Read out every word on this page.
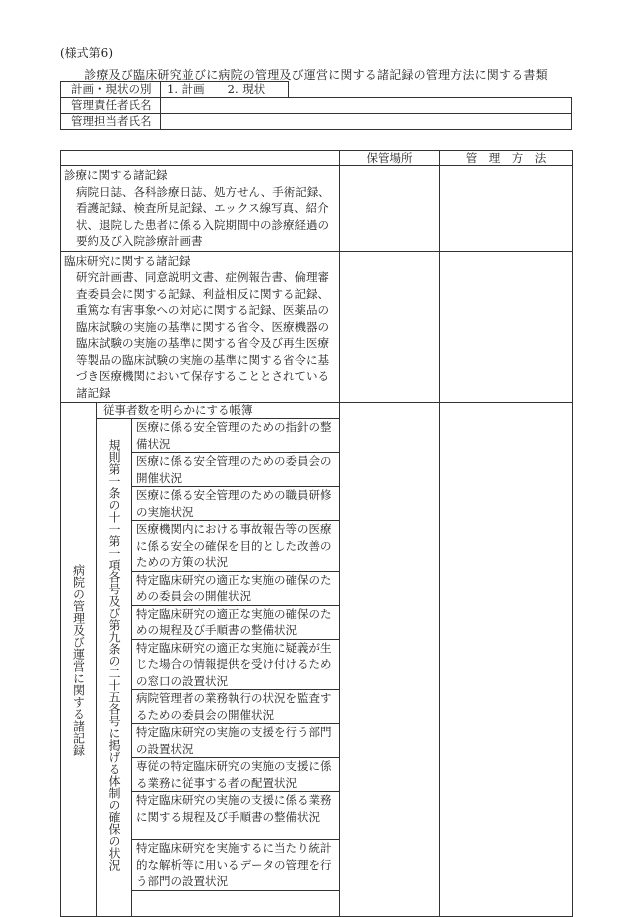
(様式第6)
診療及び臨床研究並びに病院の管理及び運営に関する諸記録の管理方法に関する書類
計画・現状の別	1. 計画　　2. 現状	
管理責任者氏名		
管理担当者氏名		
			保管場所	管　理　方　法

診療に関する諸記録
病院日誌、各科診療日誌、処方せん、手術記録、看護記録、検査所見記録、エックス線写真、紹介状、退院した患者に係る入院期間中の診療経過の要約及び入院診療計画書				

臨床研究に関する諸記録
研究計画書、同意説明文書、症例報告書、倫理審査委員会に関する記録、利益相反に関する記録、重篤な有害事象への対応に関する記録、医薬品の臨床試験の実施の基準に関する省令、医療機器の臨床試験の実施の基準に関する省令及び再生医療等製品の臨床試験の実施の基準に関する省令に基づき医療機関において保存することとされている諸記録				

病院の管理及び運営に関する諸記録	従事者数を明らかにする帳簿			

	規則第一条の十一第一項各号及び第九条の二十五各号に掲げる体制の確保の状況	医療に係る安全管理のための指針の整備状況		
		医療に係る安全管理のための委員会の開催状況		
		医療に係る安全管理のための職員研修の実施状況		
		医療機関内における事故報告等の医療に係る安全の確保を目的とした改善のための方策の状況		
		特定臨床研究の適正な実施の確保のための委員会の開催状況		
		特定臨床研究の適正な実施の確保のための規程及び手順書の整備状況		
		特定臨床研究の適正な実施に疑義が生じた場合の情報提供を受け付けるための窓口の設置状況		
		病院管理者の業務執行の状況を監査するための委員会の開催状況		
		特定臨床研究の実施の支援を行う部門の設置状況		
		専従の特定臨床研究の実施の支援に係る業務に従事する者の配置状況		
		特定臨床研究の実施の支援に係る業務に関する規程及び手順書の整備状況		
		特定臨床研究を実施するに当たり統計的な解析等に用いるデータの管理を行う部門の設置状況		
